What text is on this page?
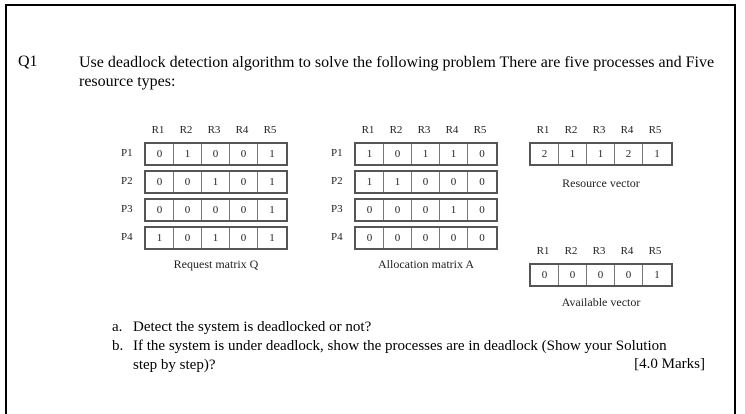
Q1	Use deadlock detection algorithm to solve the following problem There are five processes and Five resource types:
R1	R2	R3	R4	R5
P1	0	1	0	0	1
P2	0	0	1	0	1
P3	0	0	0	0	1
P4	1	0	1	0	1
Request matrix Q
R1	R2	R3	R4	R5
P1	1	0	1	1	0
P2	1	1	0	0	0
P3	0	0	0	1	0
P4	0	0	0	0	0
Allocation matrix A
R1	R2	R3	R4	R5
2	1	1	2	1
Resource vector
R1	R2	R3	R4	R5
0	0	0	0	1
Available vector
a. Detect the system is deadlocked or not?
b. If the system is under deadlock, show the processes are in deadlock (Show your Solution
step by step)?	[4.0 Marks]
